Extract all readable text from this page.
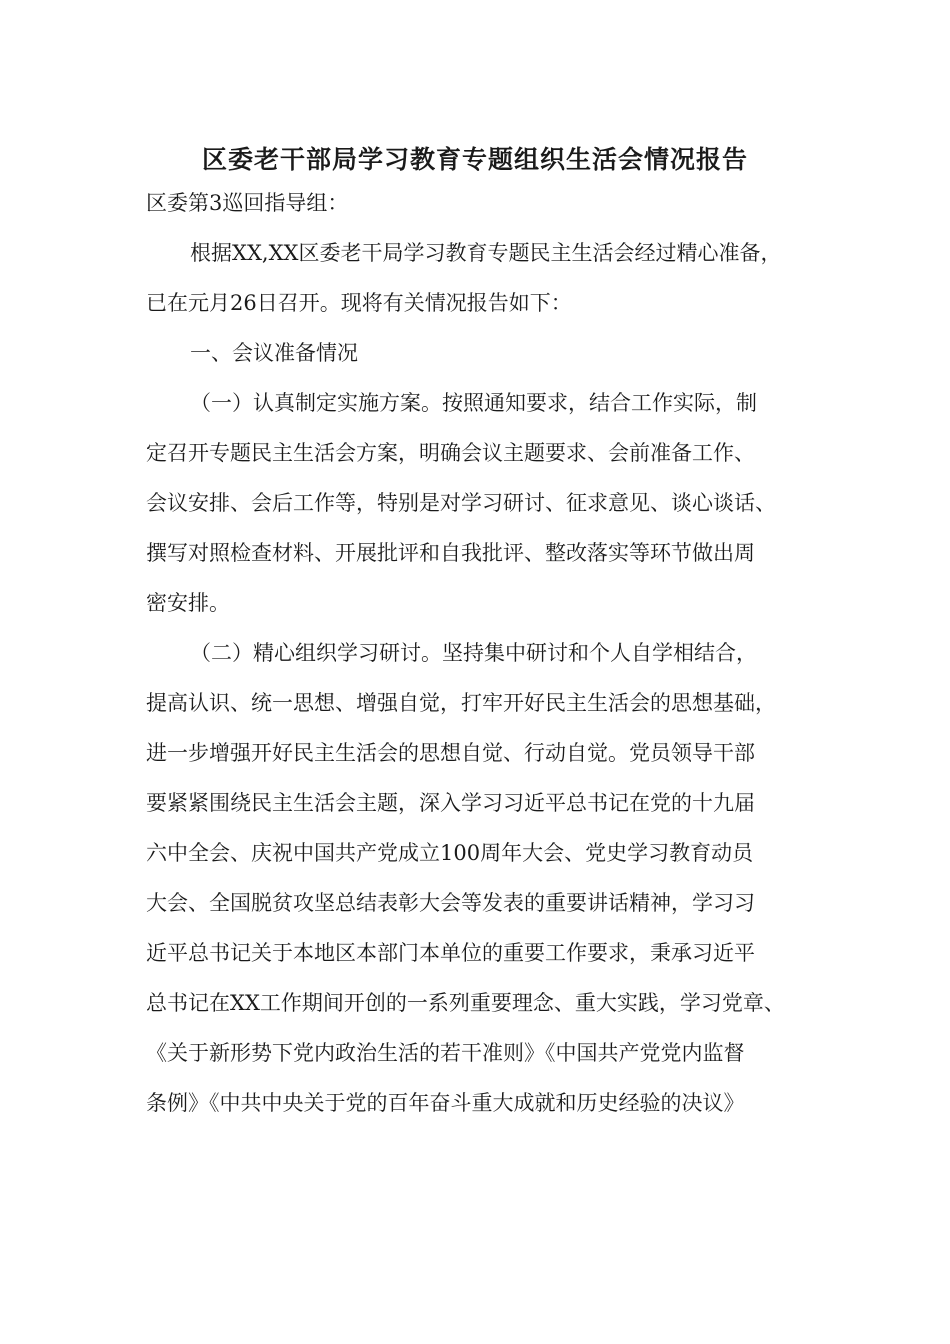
区委老干部局学习教育专题组织生活会情况报告
区委第3巡回指导组：
根据XX,XX区委老干局学习教育专题民主生活会经过精心准备，
已在元月26日召开。现将有关情况报告如下：
一、会议准备情况
（一）认真制定实施方案。按照通知要求，结合工作实际，制
定召开专题民主生活会方案，明确会议主题要求、会前准备工作、
会议安排、会后工作等，特别是对学习研讨、征求意见、谈心谈话、
撰写对照检查材料、开展批评和自我批评、整改落实等环节做出周
密安排。
（二）精心组织学习研讨。坚持集中研讨和个人自学相结合，
提高认识、统一思想、增强自觉，打牢开好民主生活会的思想基础，
进一步增强开好民主生活会的思想自觉、行动自觉。党员领导干部
要紧紧围绕民主生活会主题，深入学习习近平总书记在党的十九届
六中全会、庆祝中国共产党成立100周年大会、党史学习教育动员
大会、全国脱贫攻坚总结表彰大会等发表的重要讲话精神，学习习
近平总书记关于本地区本部门本单位的重要工作要求，秉承习近平
总书记在XX工作期间开创的一系列重要理念、重大实践，学习党章、
《关于新形势下党内政治生活的若干准则》《中国共产党党内监督
条例》《中共中央关于党的百年奋斗重大成就和历史经验的决议》
